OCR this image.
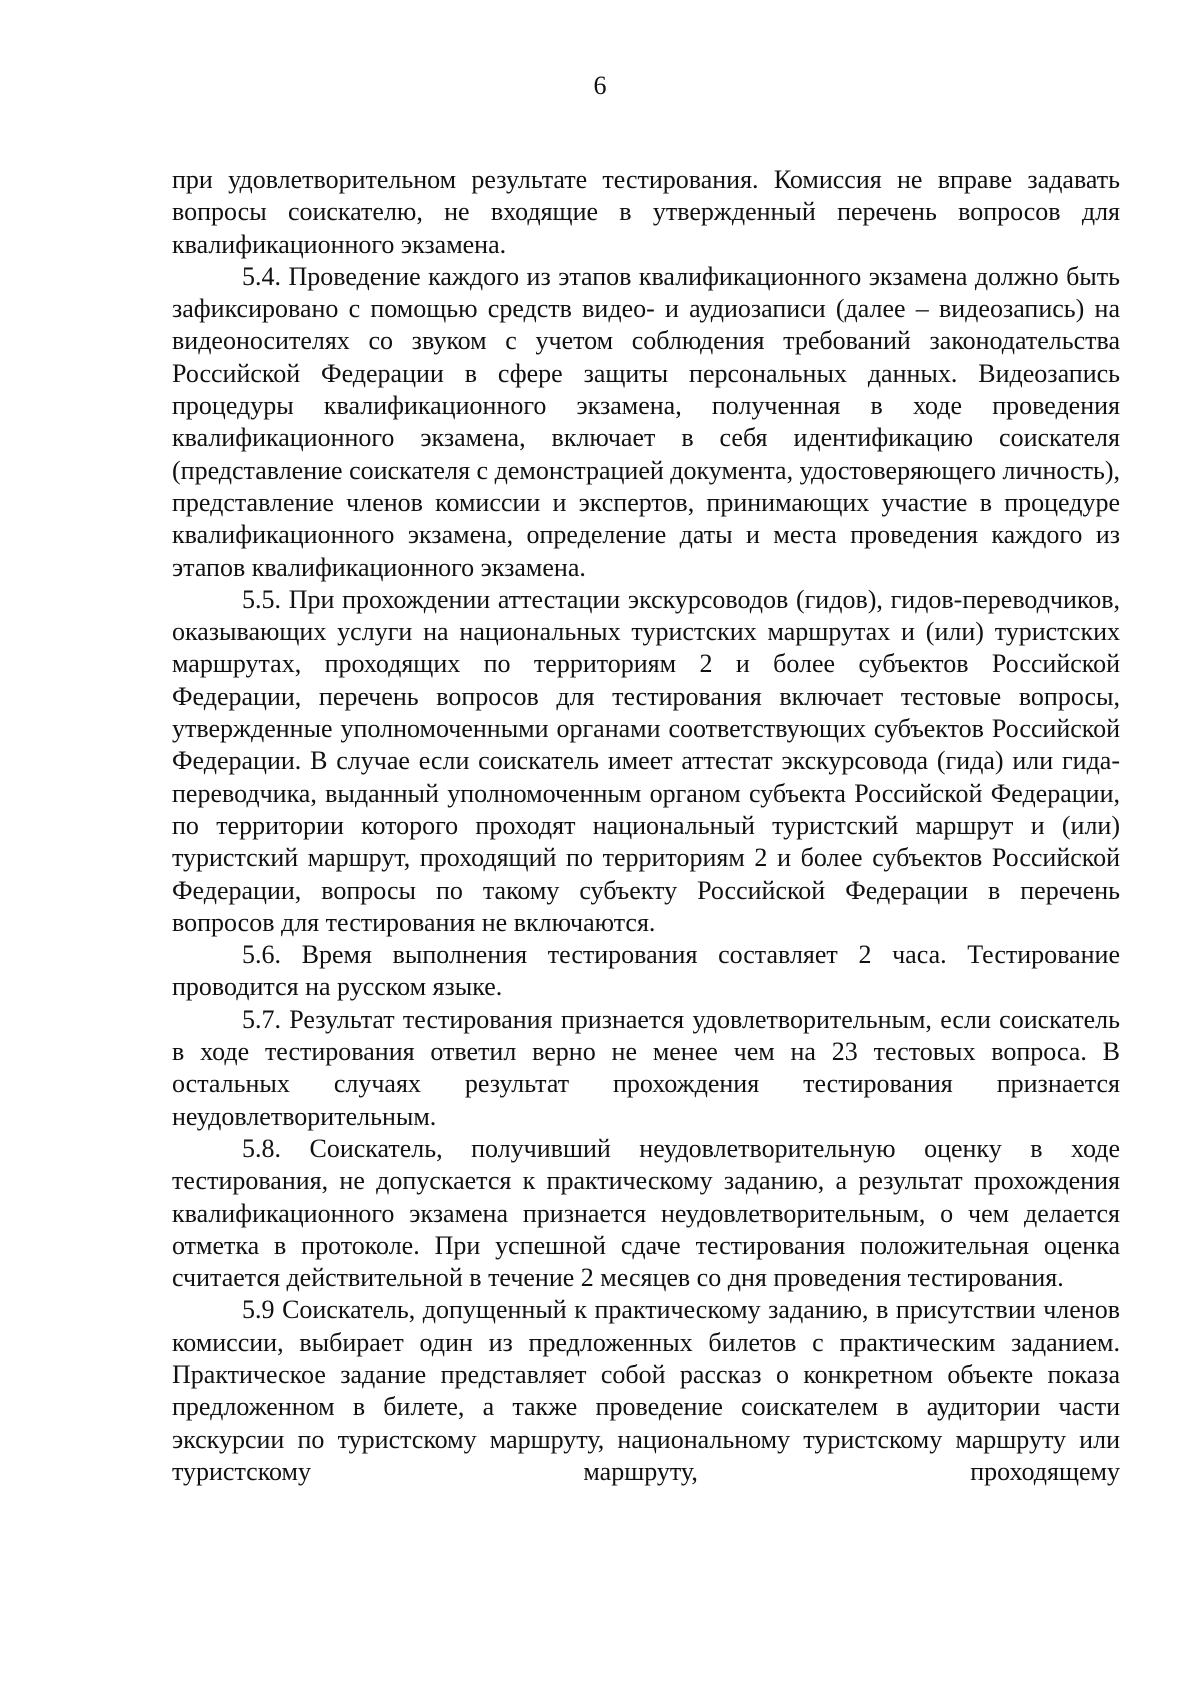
6

при удовлетворительном результате тестирования. Комиссия не вправе задавать вопросы соискателю, не входящие в утвержденный перечень вопросов для квалификационного экзамена.

5.4. Проведение каждого из этапов квалификационного экзамена должно быть зафиксировано с помощью средств видео- и аудиозаписи (далее – видеозапись) на видеоносителях со звуком с учетом соблюдения требований законодательства Российской Федерации в сфере защиты персональных данных. Видеозапись процедуры квалификационного экзамена, полученная в ходе проведения квалификационного экзамена, включает в себя идентификацию соискателя (представление соискателя с демонстрацией документа, удостоверяющего личность), представление членов комиссии и экспертов, принимающих участие в процедуре квалификационного экзамена, определение даты и места проведения каждого из этапов квалификационного экзамена.

5.5. При прохождении аттестации экскурсоводов (гидов), гидов-переводчиков, оказывающих услуги на национальных туристских маршрутах и (или) туристских маршрутах, проходящих по территориям 2 и более субъектов Российской Федерации, перечень вопросов для тестирования включает тестовые вопросы, утвержденные уполномоченными органами соответствующих субъектов Российской Федерации. В случае если соискатель имеет аттестат экскурсовода (гида) или гида-переводчика, выданный уполномоченным органом субъекта Российской Федерации, по территории которого проходят национальный туристский маршрут и (или) туристский маршрут, проходящий по территориям 2 и более субъектов Российской Федерации, вопросы по такому субъекту Российской Федерации в перечень вопросов для тестирования не включаются.

5.6. Время выполнения тестирования составляет 2 часа. Тестирование проводится на русском языке.

5.7. Результат тестирования признается удовлетворительным, если соискатель в ходе тестирования ответил верно не менее чем на 23 тестовых вопроса. В остальных случаях результат прохождения тестирования признается неудовлетворительным.

5.8. Соискатель, получивший неудовлетворительную оценку в ходе тестирования, не допускается к практическому заданию, а результат прохождения квалификационного экзамена признается неудовлетворительным, о чем делается отметка в протоколе. При успешной сдаче тестирования положительная оценка считается действительной в течение 2 месяцев со дня проведения тестирования.

5.9 Соискатель, допущенный к практическому заданию, в присутствии членов комиссии, выбирает один из предложенных билетов с практическим заданием. Практическое задание представляет собой рассказ о конкретном объекте показа предложенном в билете, а также проведение соискателем в аудитории части экскурсии по туристскому маршруту, национальному туристскому маршруту или туристскому маршруту, проходящему
